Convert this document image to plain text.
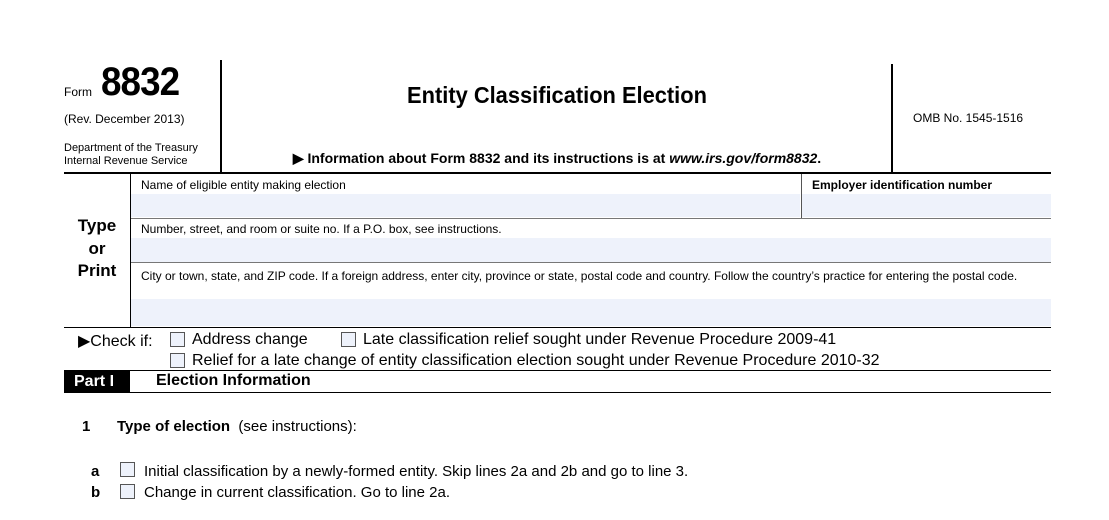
Form 8832
(Rev. December 2013)
Department of the Treasury
Internal Revenue Service
Entity Classification Election
▶ Information about Form 8832 and its instructions is at www.irs.gov/form8832.
OMB No. 1545-1516
Type
or
Print
Name of eligible entity making election	Employer identification number
Number, street, and room or suite no. If a P.O. box, see instructions.
City or town, state, and ZIP code. If a foreign address, enter city, province or state, postal code and country. Follow the country’s practice for entering the postal code.
▶Check if: Address change	Late classification relief sought under Revenue Procedure 2009-41
Relief for a late change of entity classification election sought under Revenue Procedure 2010-32
Part I	Election Information
1 Type of election  (see instructions):
a	Initial classification by a newly-formed entity. Skip lines 2a and 2b and go to line 3.
b	Change in current classification. Go to line 2a.
